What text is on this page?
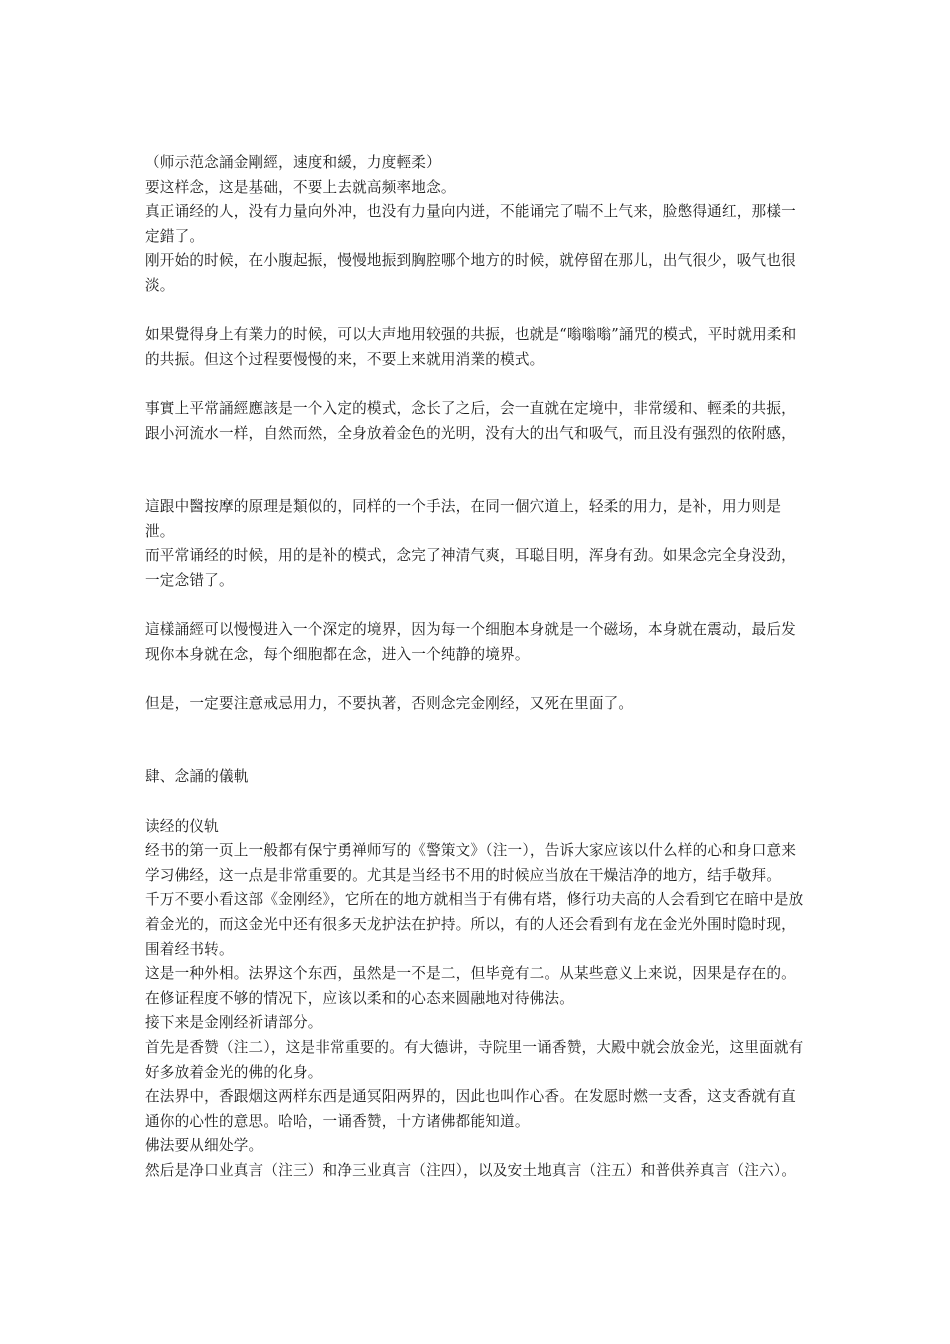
（师示范念誦金剛經，速度和緩，力度輕柔）

要这样念，这是基础，不要上去就高频率地念。

真正诵经的人，没有力量向外冲，也没有力量向内迸，不能诵完了喘不上气来，脸憋得通红，那樣一定錯了。

刚开始的时候，在小腹起振，慢慢地振到胸腔哪个地方的时候，就停留在那儿，出气很少，吸气也很淡。

如果覺得身上有業力的时候，可以大声地用较强的共振，也就是“嗡嗡嗡”誦咒的模式，平时就用柔和的共振。但这个过程要慢慢的来，不要上来就用消業的模式。

事實上平常誦經應該是一个入定的模式，念长了之后，会一直就在定境中，非常缓和、輕柔的共振，跟小河流水一样，自然而然，全身放着金色的光明，没有大的出气和吸气，而且没有强烈的依附感，

這跟中醫按摩的原理是類似的，同样的一个手法，在同一個穴道上，轻柔的用力，是补，用力则是泄。

而平常诵经的时候，用的是补的模式，念完了神清气爽，耳聪目明，浑身有劲。如果念完全身没劲，一定念错了。

這樣誦經可以慢慢进入一个深定的境界，因为每一个细胞本身就是一个磁场，本身就在震动，最后发现你本身就在念，每个细胞都在念，进入一个纯静的境界。

但是，一定要注意戒忌用力，不要执著，否则念完金刚经，又死在里面了。

肆、念誦的儀軌

读经的仪轨

经书的第一页上一般都有保宁勇禅师写的《警策文》（注一），告诉大家应该以什么样的心和身口意来学习佛经，这一点是非常重要的。尤其是当经书不用的时候应当放在干燥洁净的地方，结手敬拜。

千万不要小看这部《金刚经》，它所在的地方就相当于有佛有塔，修行功夫高的人会看到它在暗中是放着金光的，而这金光中还有很多天龙护法在护持。所以，有的人还会看到有龙在金光外围时隐时现，围着经书转。

这是一种外相。法界这个东西，虽然是一不是二，但毕竟有二。从某些意义上来说，因果是存在的。在修证程度不够的情况下，应该以柔和的心态来圆融地对待佛法。

接下来是金刚经祈请部分。

首先是香赞（注二），这是非常重要的。有大德讲，寺院里一诵香赞，大殿中就会放金光，这里面就有好多放着金光的佛的化身。

在法界中，香跟烟这两样东西是通冥阳两界的，因此也叫作心香。在发愿时燃一支香，这支香就有直通你的心性的意思。哈哈，一诵香赞，十方诸佛都能知道。

佛法要从细处学。

然后是净口业真言（注三）和净三业真言（注四），以及安土地真言（注五）和普供养真言（注六）。
